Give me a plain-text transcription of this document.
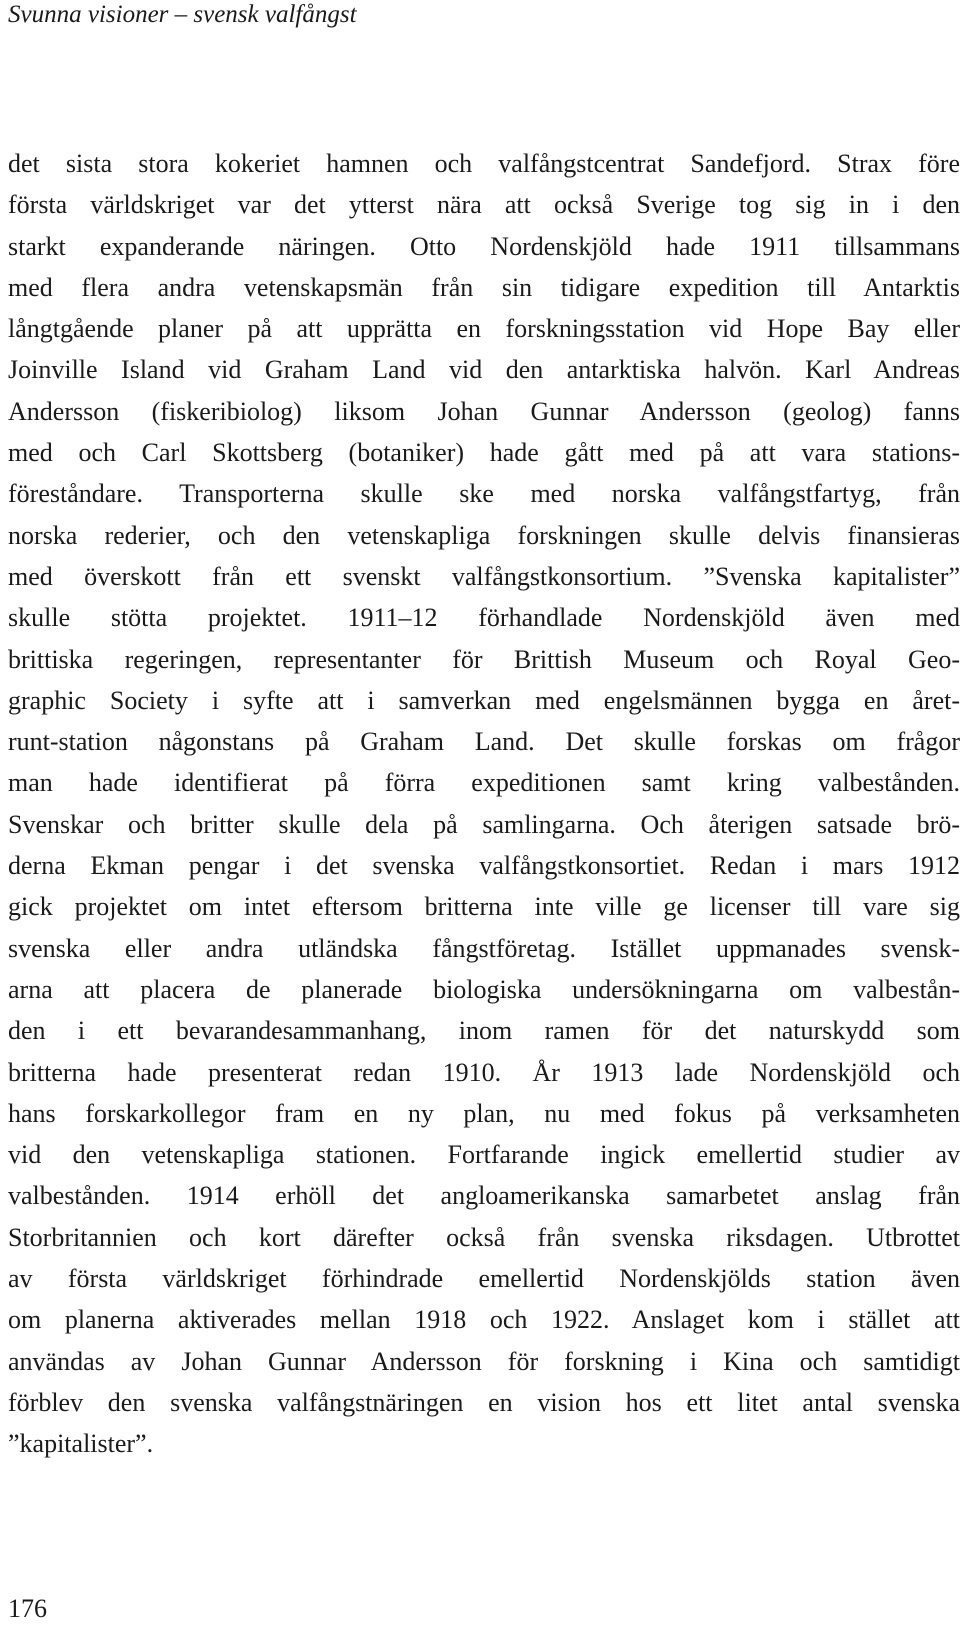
Svunna visioner – svensk valfångst
det sista stora kokeriet hamnen och valfångstcentrat Sandefjord. Strax före
första världskriget var det ytterst nära att också Sverige tog sig in i den
starkt expanderande näringen. Otto Nordenskjöld hade 1911 tillsammans
med flera andra vetenskapsmän från sin tidigare expedition till Antarktis
långtgående planer på att upprätta en forskningsstation vid Hope Bay eller
Joinville Island vid Graham Land vid den antarktiska halvön. Karl Andreas
Andersson (fiskeribiolog) liksom Johan Gunnar Andersson (geolog) fanns
med och Carl Skottsberg (botaniker) hade gått med på att vara stations-
föreståndare. Transporterna skulle ske med norska valfångstfartyg, från
norska rederier, och den vetenskapliga forskningen skulle delvis finansieras
med överskott från ett svenskt valfångstkonsortium. ”Svenska kapitalister”
skulle stötta projektet. 1911–12 förhandlade Nordenskjöld även med
brittiska regeringen, representanter för Brittish Museum och Royal Geo-
graphic Society i syfte att i samverkan med engelsmännen bygga en året-
runt-station någonstans på Graham Land. Det skulle forskas om frågor
man hade identifierat på förra expeditionen samt kring valbestånden.
Svenskar och britter skulle dela på samlingarna. Och återigen satsade brö-
derna Ekman pengar i det svenska valfångstkonsortiet. Redan i mars 1912
gick projektet om intet eftersom britterna inte ville ge licenser till vare sig
svenska eller andra utländska fångstföretag. Istället uppmanades svensk-
arna att placera de planerade biologiska undersökningarna om valbestån-
den i ett bevarandesammanhang, inom ramen för det naturskydd som
britterna hade presenterat redan 1910. År 1913 lade Nordenskjöld och
hans forskarkollegor fram en ny plan, nu med fokus på verksamheten
vid den vetenskapliga stationen. Fortfarande ingick emellertid studier av
valbestånden. 1914 erhöll det angloamerikanska samarbetet anslag från
Storbritannien och kort därefter också från svenska riksdagen. Utbrottet
av första världskriget förhindrade emellertid Nordenskjölds station även
om planerna aktiverades mellan 1918 och 1922. Anslaget kom i stället att
användas av Johan Gunnar Andersson för forskning i Kina och samtidigt
förblev den svenska valfångstnäringen en vision hos ett litet antal svenska
”kapitalister”.
176
